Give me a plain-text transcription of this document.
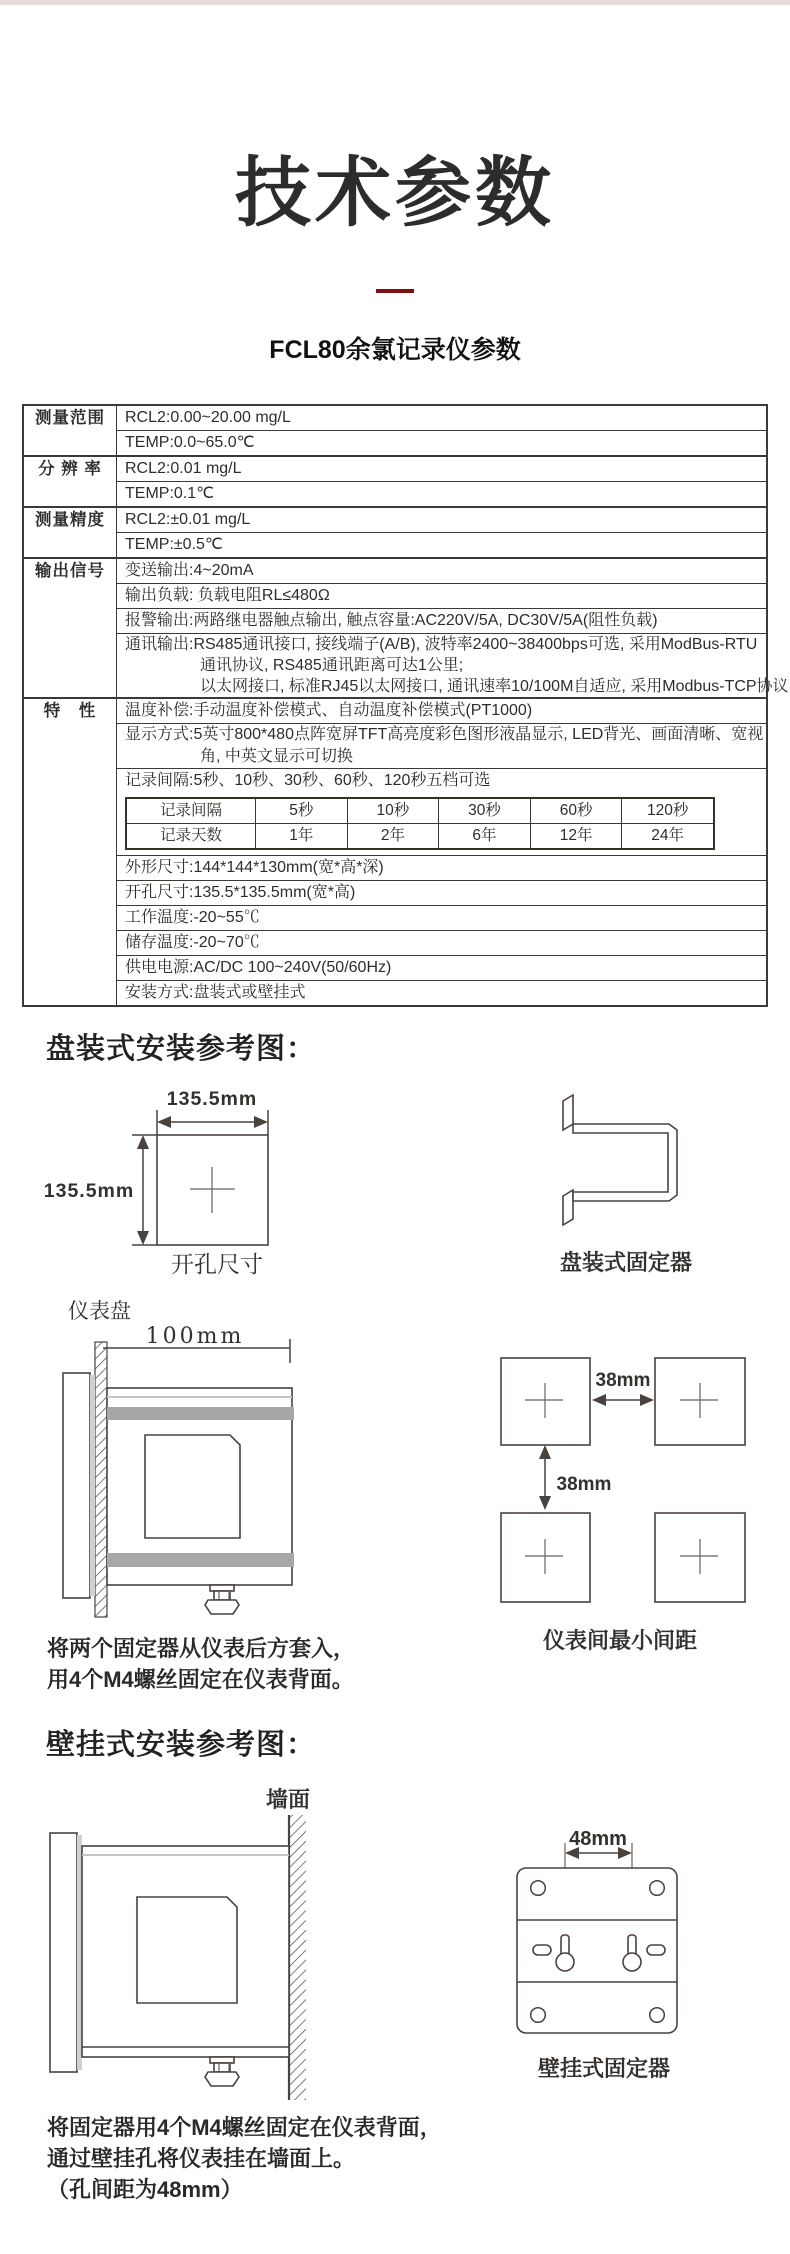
技术参数
FCL80余氯记录仪参数
测量范围	RCL2:0.00~20.00 mg/L
TEMP:0.0~65.0℃
分 辨 率	RCL2:0.01 mg/L
TEMP:0.1℃
测量精度	RCL2:±0.01 mg/L
TEMP:±0.5℃
输出信号	变送输出:4~20mA
输出负载: 负载电阻RL≤480Ω
报警输出:两路继电器触点输出, 触点容量:AC220V/5A, DC30V/5A(阻性负载)
通讯输出:RS485通讯接口, 接线端子(A/B), 波特率2400~38400bps可选, 采用ModBus-RTU
通讯协议, RS485通讯距离可达1公里;
以太网接口, 标准RJ45以太网接口, 通讯速率10/100M自适应, 采用Modbus-TCP协议
特　性	温度补偿:手动温度补偿模式、自动温度补偿模式(PT1000)
显示方式:5英寸800*480点阵宽屏TFT高亮度彩色图形液晶显示, LED背光、画面清晰、宽视
角, 中英文显示可切换
记录间隔:5秒、10秒、30秒、60秒、120秒五档可选
记录间隔	5秒	10秒	30秒	60秒	120秒
记录天数	1年	2年	6年	12年	24年
外形尺寸:144*144*130mm(宽*高*深)
开孔尺寸:135.5*135.5mm(宽*高)
工作温度:-20~55℃
储存温度:-20~70℃
供电电源:AC/DC 100~240V(50/60Hz)
安装方式:盘装式或壁挂式
盘装式安装参考图：
135.5mm
135.5mm
开孔尺寸	盘装式固定器
仪表盘
100mm
38mm
38mm
仪表间最小间距
将两个固定器从仪表后方套入，
用4个M4螺丝固定在仪表背面。
壁挂式安装参考图：
墙面
48mm
壁挂式固定器
将固定器用4个M4螺丝固定在仪表背面，
通过壁挂孔将仪表挂在墙面上。
（孔间距为48mm）
